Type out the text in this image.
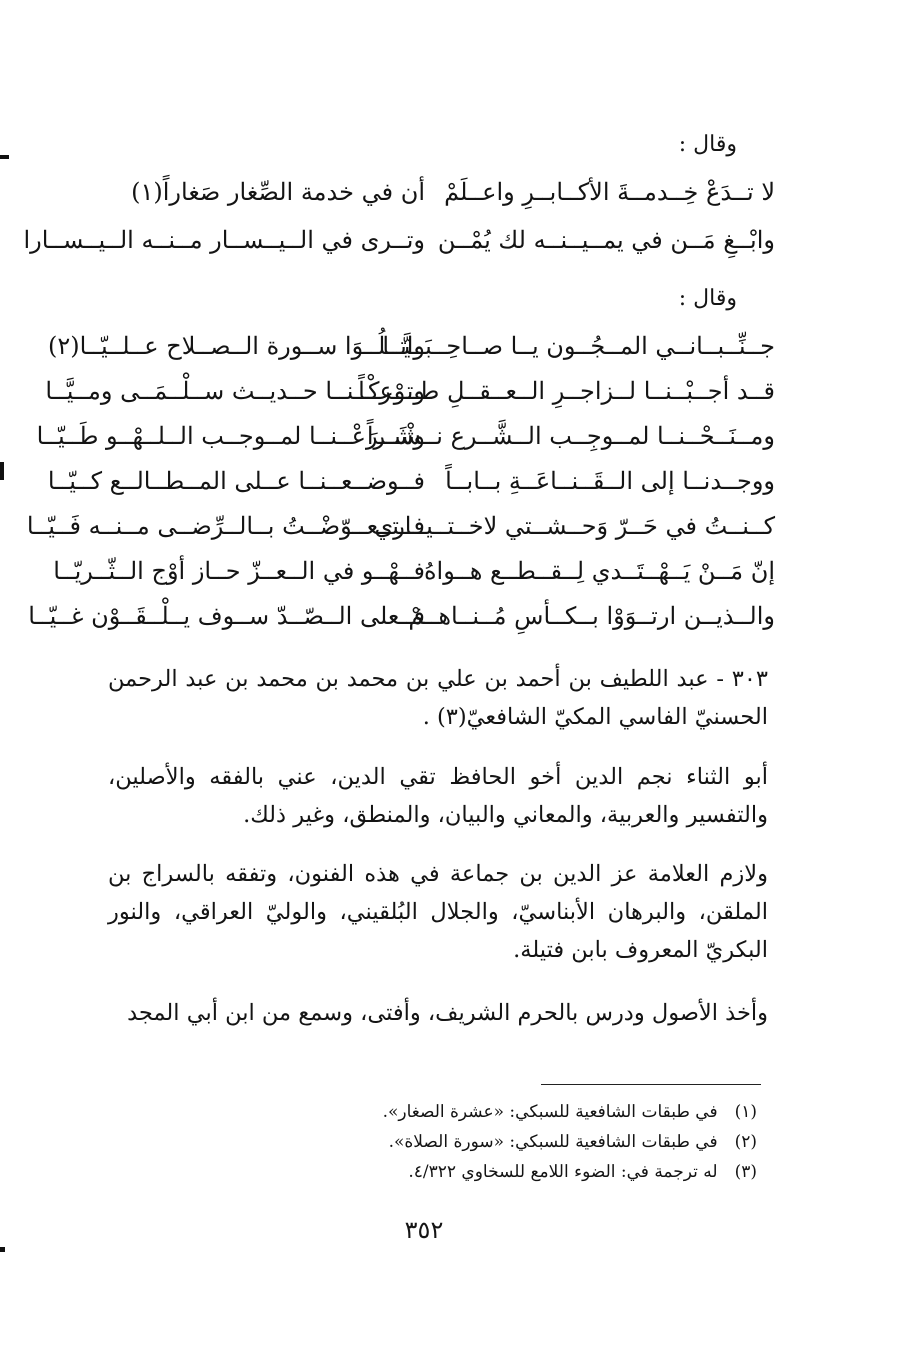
وقال :
لا تــدَعْ خِــدمــةَ الأكــابــرِ واعــلَمْ
أن في خدمة الصِّغار صَغاراً(١)
وابْــغِ مَــن في يمــيــنــه لك يُمْــن
وتــرى في الــيــســار مــنــه الــيــســارا
وقال :
جــنِّــبــانــي المــجُــون يــا صــاحِــبَــيَّــا
واتــلُــوَا ســورة الــصــلاح عــلــيّــا(٢)
قــد أجــبْــنــا لــزاجــرِ الــعــقــلِ طــوْعــاً
وتــركْــنــا حــديــث ســلْــمَــى ومــيَّــا
ومــنَــحْــنــا لمــوجِــب الــشَّــرع نــشْــراً
وشَــرَعْــنــا لمــوجــب الــلــهْــو طَــيّــا
ووجــدنــا إلى الــقَــنــاعَــةِ بــابــاً
فــوضــعــنــا عــلى المــطــالــع كــيّــا
كــنــتُ في حَــرّ وَحــشــتي لاخــتــيــاري
فــتــعــوّضْــتُ بــالــرِّضــى مــنــه فَــيّــا
إنّ مَــنْ يَــهْــتَــدي لِــقــطــع هــواهُ
فــهْــو في الــعــزّ حــاز أوْج الــثّــريّــا
والــذيــن ارتــوَوْا بــكــأسِ مُــنــاهــمْ
فــعلى الــصّــدّ ســوف يــلْــقَــوْن غــيّــا
٣٠٣ - عبد اللطيف بن أحمد بن علي بن محمد بن محمد بن عبد الرحمن الحسنيّ الفاسي المكيّ الشافعيّ(٣) .
أبو الثناء نجم الدين أخو الحافظ تقي الدين، عني بالفقه والأصلين، والتفسير والعربية، والمعاني والبيان، والمنطق، وغير ذلك.
ولازم العلامة عز الدين بن جماعة في هذه الفنون، وتفقه بالسراج بن الملقن، والبرهان الأبناسيّ، والجلال البُلقيني، والوليّ العراقي، والنور البكريّ المعروف بابن فتيلة.
وأخذ الأصول ودرس بالحرم الشريف، وأفتى، وسمع من ابن أبي المجد
(١) في طبقات الشافعية للسبكي: «عشرة الصغار».
(٢) في طبقات الشافعية للسبكي: «سورة الصلاة».
(٣) له ترجمة في: الضوء اللامع للسخاوي ٤/٣٢٢.
٣٥٢
